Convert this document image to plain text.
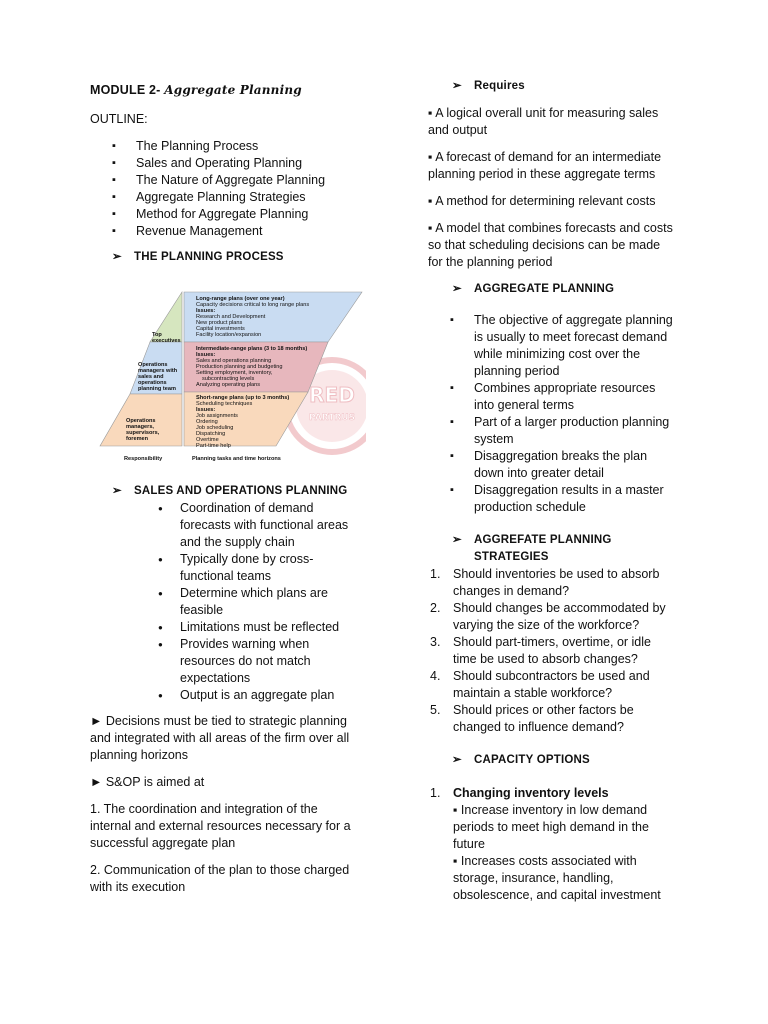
MODULE 2- Aggregate Planning
OUTLINE:
▪ The Planning Process
▪ Sales and Operating Planning
▪ The Nature of Aggregate Planning
▪ Aggregate Planning Strategies
▪ Method for Aggregate Planning
▪ Revenue Management
➢ THE PLANNING PROCESS
RED
PARTRUS
Long-range plans (over one year)
Capacity decisions critical to long range plans
Issues:
Research and Development
New product plans
Capital investments
Facility location/expansion
Intermediate-range plans (3 to 18 months)
Issues:
Sales and operations planning
Production planning and budgeting
Setting employment, inventory,
subcontracting levels
Analyzing operating plans
Short-range plans (up to 3 months)
Scheduling techniques
Issues:
Job assignments
Ordering
Job scheduling
Dispatching
Overtime
Part-time help
Top
executives
Operations
managers with
sales and
operations
planning team
Operations
managers,
supervisors,
foremen
Responsibility	Planning tasks and time horizons
➢ SALES AND OPERATIONS PLANNING
● Coordination of demand
forecasts with functional areas
and the supply chain
● Typically done by cross-
functional teams
● Determine which plans are
feasible
● Limitations must be reflected
● Provides warning when
resources do not match
expectations
● Output is an aggregate plan
► Decisions must be tied to strategic planning
and integrated with all areas of the firm over all
planning horizons
► S&OP is aimed at
1. The coordination and integration of the
internal and external resources necessary for a
successful aggregate plan
2. Communication of the plan to those charged
with its execution
➢ Requires
▪ A logical overall unit for measuring sales
and output
▪ A forecast of demand for an intermediate
planning period in these aggregate terms
▪ A method for determining relevant costs
▪ A model that combines forecasts and costs
so that scheduling decisions can be made
for the planning period
➢ AGGREGATE PLANNING
▪ The objective of aggregate planning
is usually to meet forecast demand
while minimizing cost over the
planning period
▪ Combines appropriate resources
into general terms
▪ Part of a larger production planning
system
▪ Disaggregation breaks the plan
down into greater detail
▪ Disaggregation results in a master
production schedule
➢ AGGREFATE PLANNING
STRATEGIES
1. Should inventories be used to absorb
changes in demand?
2. Should changes be accommodated by
varying the size of the workforce?
3. Should part-timers, overtime, or idle
time be used to absorb changes?
4. Should subcontractors be used and
maintain a stable workforce?
5. Should prices or other factors be
changed to influence demand?
➢ CAPACITY OPTIONS
1. Changing inventory levels
▪ Increase inventory in low demand
periods to meet high demand in the
future
▪ Increases costs associated with
storage, insurance, handling,
obsolescence, and capital investment
